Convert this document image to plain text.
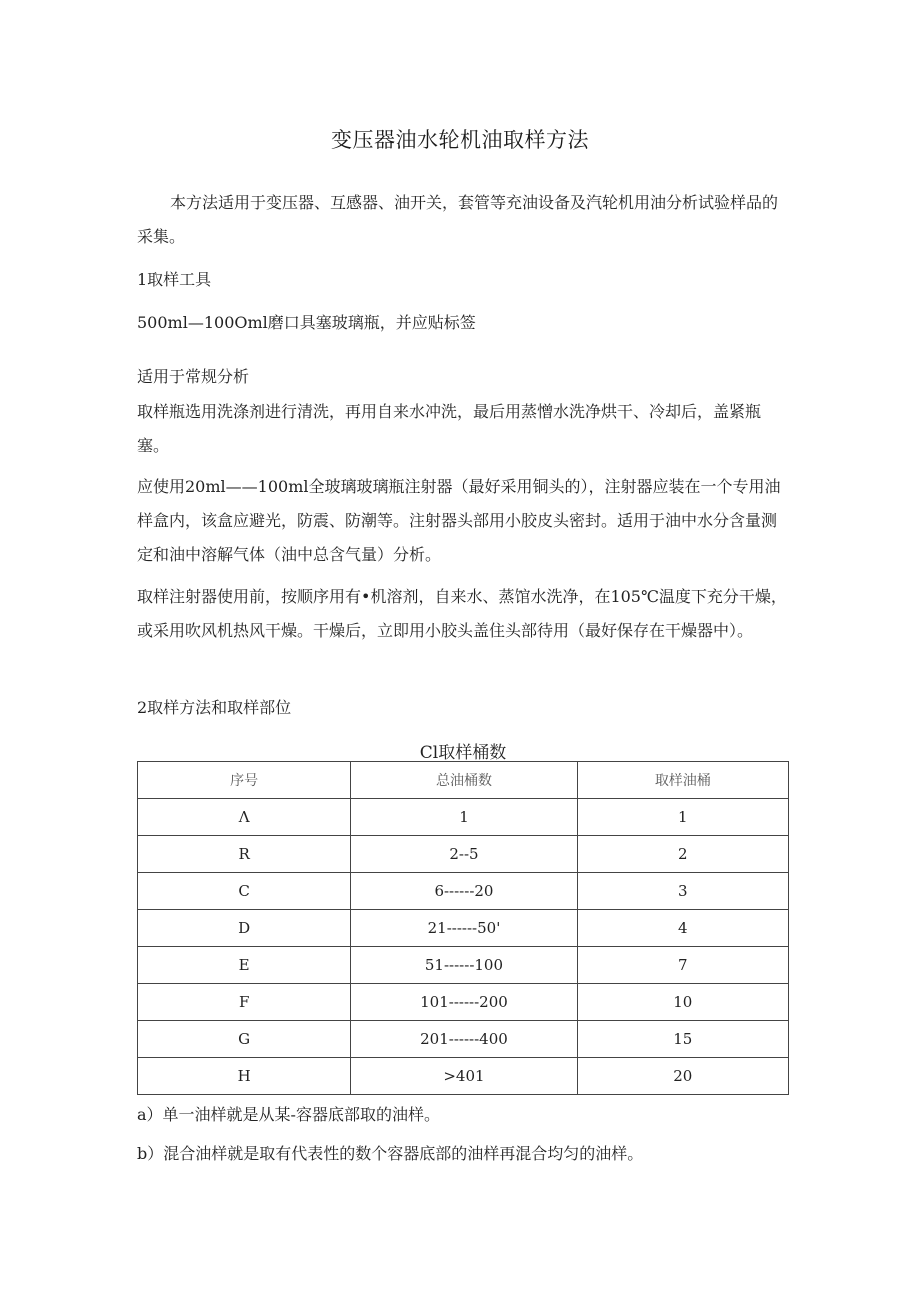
变压器油水轮机油取样方法

本方法适用于变压器、互感器、油开关，套管等充油设备及汽轮机用油分析试验样品的采集。

1取样工具

500ml—100Oml磨口具塞玻璃瓶，并应贴标签

适用于常规分析

取样瓶选用洗涤剂进行清洗，再用自来水冲洗，最后用蒸憎水洗净烘干、冷却后，盖紧瓶塞。

应使用20ml——100ml全玻璃玻璃瓶注射器（最好采用铜头的），注射器应装在一个专用油样盒内，该盒应避光，防震、防潮等。注射器头部用小胶皮头密封。适用于油中水分含量测定和油中溶解气体（油中总含气量）分析。

取样注射器使用前，按顺序用有•机溶剂，自来水、蒸馆水洗净，在105℃温度下充分干燥，或采用吹风机热风干燥。干燥后，立即用小胶头盖住头部待用（最好保存在干燥器中）。

2取样方法和取样部位

Cl取样桶数
序号	总油桶数	取样油桶
Λ	1	1
R	2--5	2
C	6------20	3
D	21------50'	4
E	51------100	7
F	101------200	10
G	201------400	15
H	>401	20

a）单一油样就是从某-容器底部取的油样。

b）混合油样就是取有代表性的数个容器底部的油样再混合均匀的油样。
